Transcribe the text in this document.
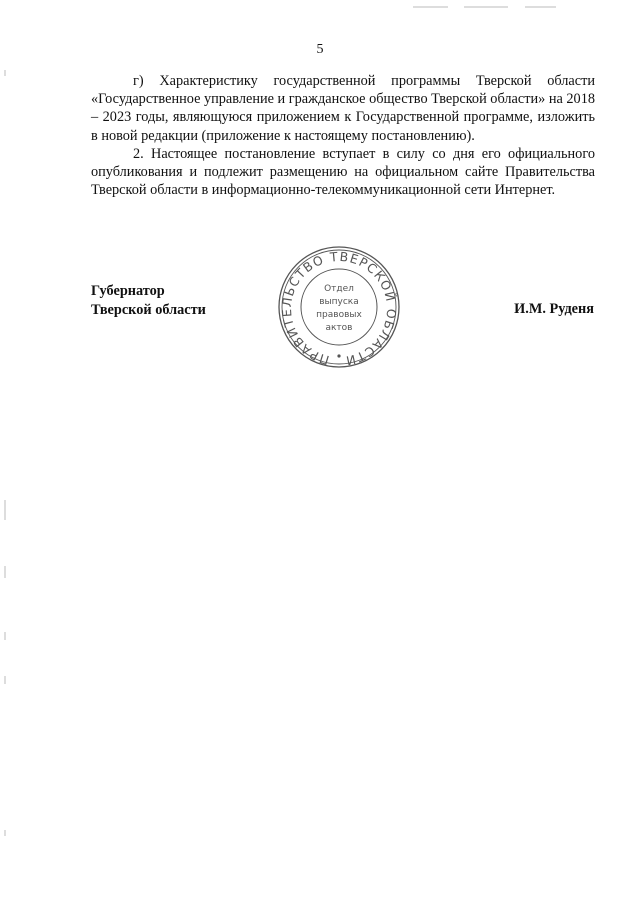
5

г) Характеристику государственной программы Тверской области «Государственное управление и гражданское общество Тверской области» на 2018 – 2023 годы, являющуюся приложением к Государственной программе, изложить в новой редакции (приложение к настоящему постановлению).

2. Настоящее постановление вступает в силу со дня его официального опубликования и подлежит размещению на официальном сайте Правительства Тверской области в информационно-телекоммуникационной сети Интернет.

Губернатор
Тверской области	И.М. Руденя
ПРАВИТЕЛЬСТВО ТВЕРСКОЙ ОБЛАСТИ
Отдел
выпуска
правовых
актов
